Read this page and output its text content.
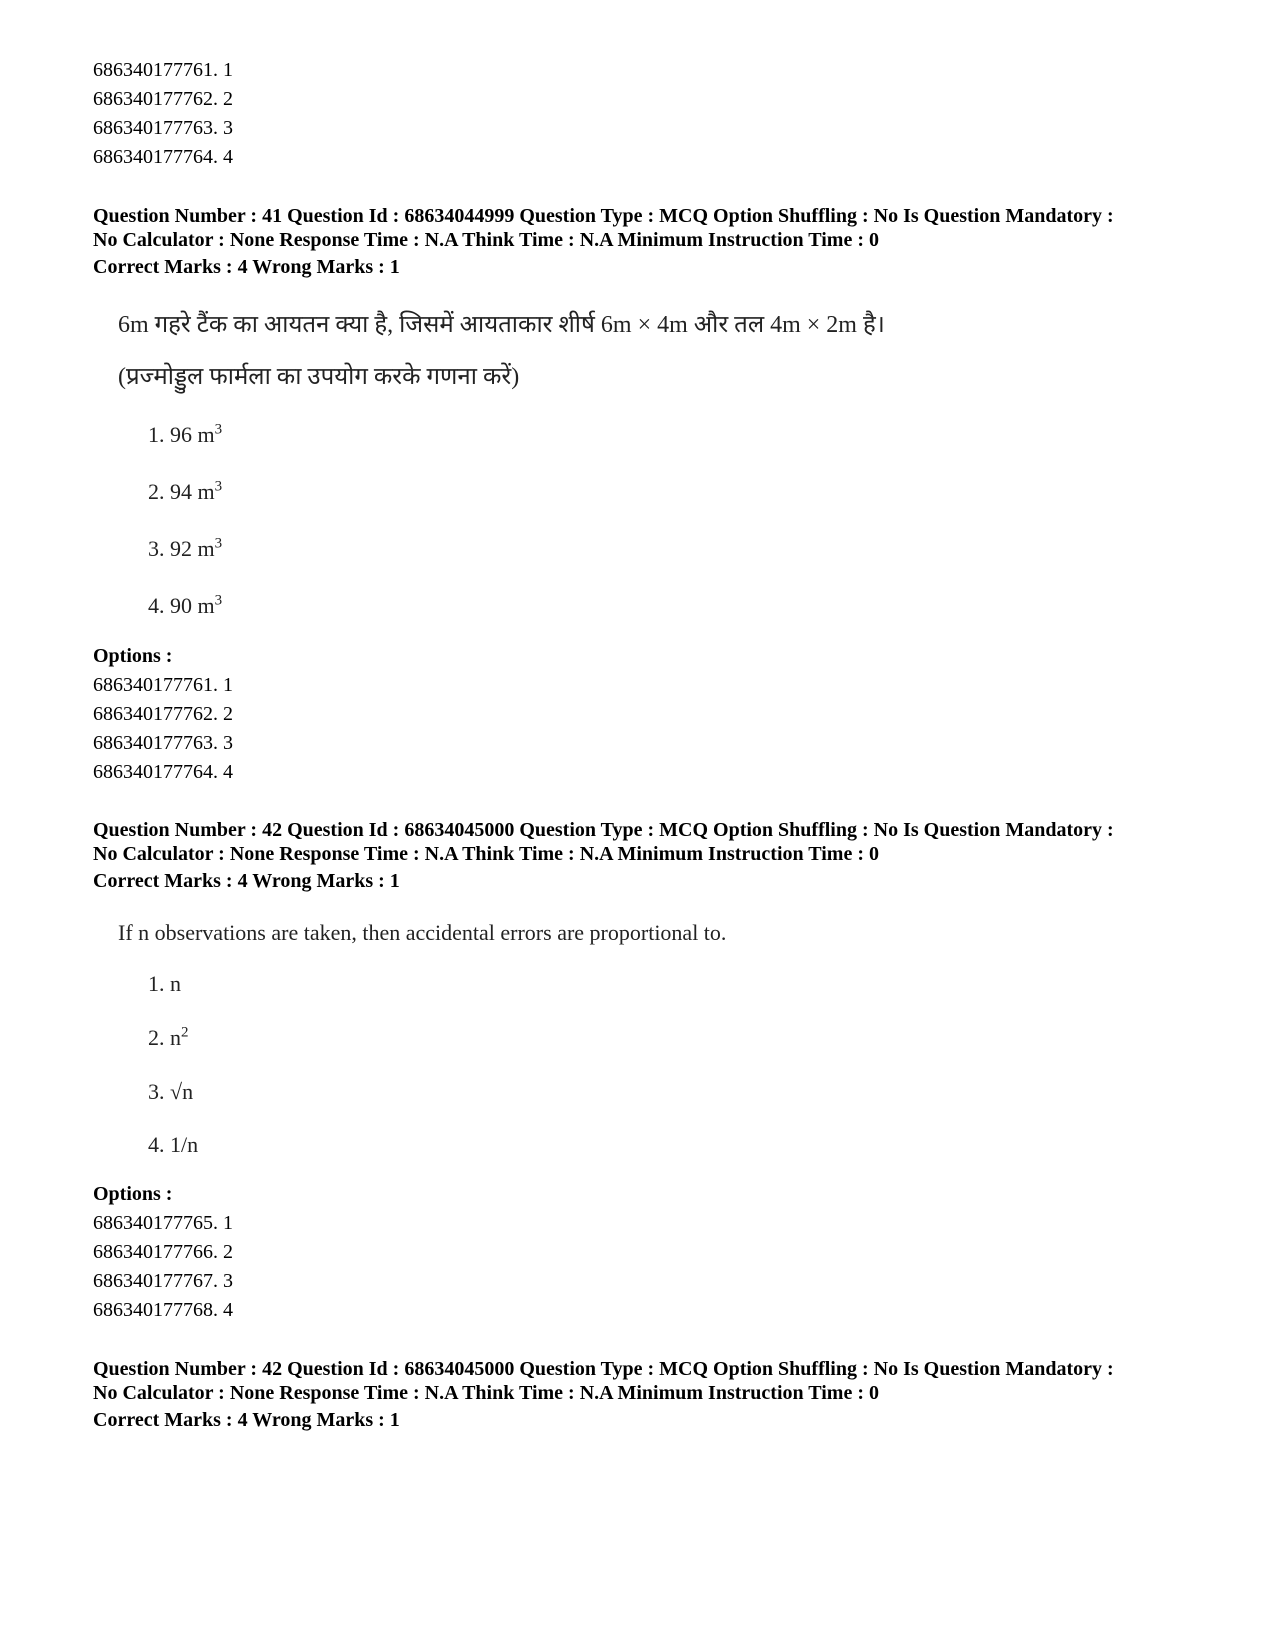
686340177761. 1
686340177762. 2
686340177763. 3
686340177764. 4
Question Number : 41 Question Id : 68634044999 Question Type : MCQ Option Shuffling : No Is Question Mandatory :
No Calculator : None Response Time : N.A Think Time : N.A Minimum Instruction Time : 0
Correct Marks : 4 Wrong Marks : 1
6m गहरे टैंक का आयतन क्या है, जिसमें आयताकार शीर्ष 6m × 4m और तल 4m × 2m है।
(प्रज्मोड्डुल फार्मला का उपयोग करके गणना करें)
1. 96 $m^3$
2. 94 $m^3$
3. 92 $m^3$
4. 90 $m^3$
Options :
686340177761. 1
686340177762. 2
686340177763. 3
686340177764. 4
Question Number : 42 Question Id : 68634045000 Question Type : MCQ Option Shuffling : No Is Question Mandatory :
No Calculator : None Response Time : N.A Think Time : N.A Minimum Instruction Time : 0
Correct Marks : 4 Wrong Marks : 1
If n observations are taken, then accidental errors are proportional to.
1. n
2. $n^2$
3. √n
4. 1/n
Options :
686340177765. 1
686340177766. 2
686340177767. 3
686340177768. 4
Question Number : 42 Question Id : 68634045000 Question Type : MCQ Option Shuffling : No Is Question Mandatory :
No Calculator : None Response Time : N.A Think Time : N.A Minimum Instruction Time : 0
Correct Marks : 4 Wrong Marks : 1
